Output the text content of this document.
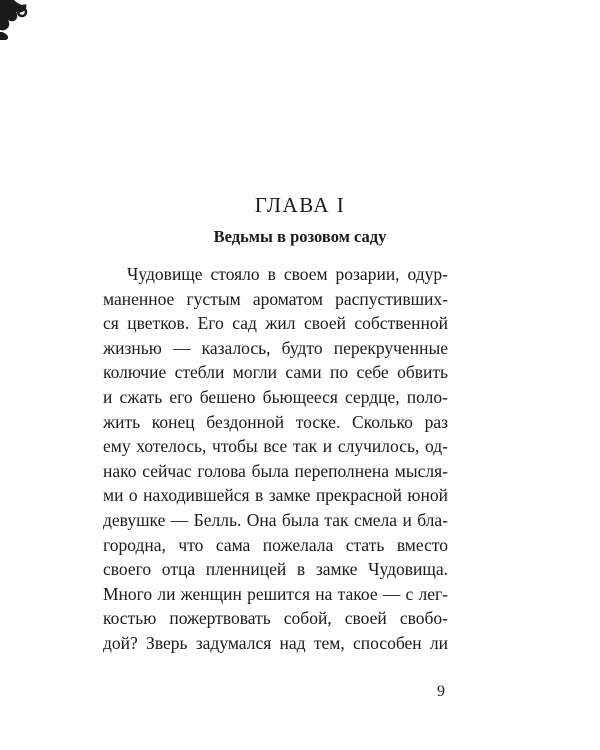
ГЛАВА I
Ведьмы в розовом саду
Чудовище стояло в своем розарии, одур-
маненное густым ароматом распустивших-
ся цветков. Его сад жил своей собственной
жизнью — казалось, будто перекрученные
колючие стебли могли сами по себе обвить
и сжать его бешено бьющееся сердце, поло-
жить конец бездонной тоске. Сколько раз
ему хотелось, чтобы все так и случилось, од-
нако сейчас голова была переполнена мысля-
ми о находившейся в замке прекрасной юной
девушке — Белль. Она была так смела и бла-
городна, что сама пожелала стать вместо
своего отца пленницей в замке Чудовища.
Много ли женщин решится на такое — с лег-
костью пожертвовать собой, своей свобо-
дой? Зверь задумался над тем, способен ли
9
